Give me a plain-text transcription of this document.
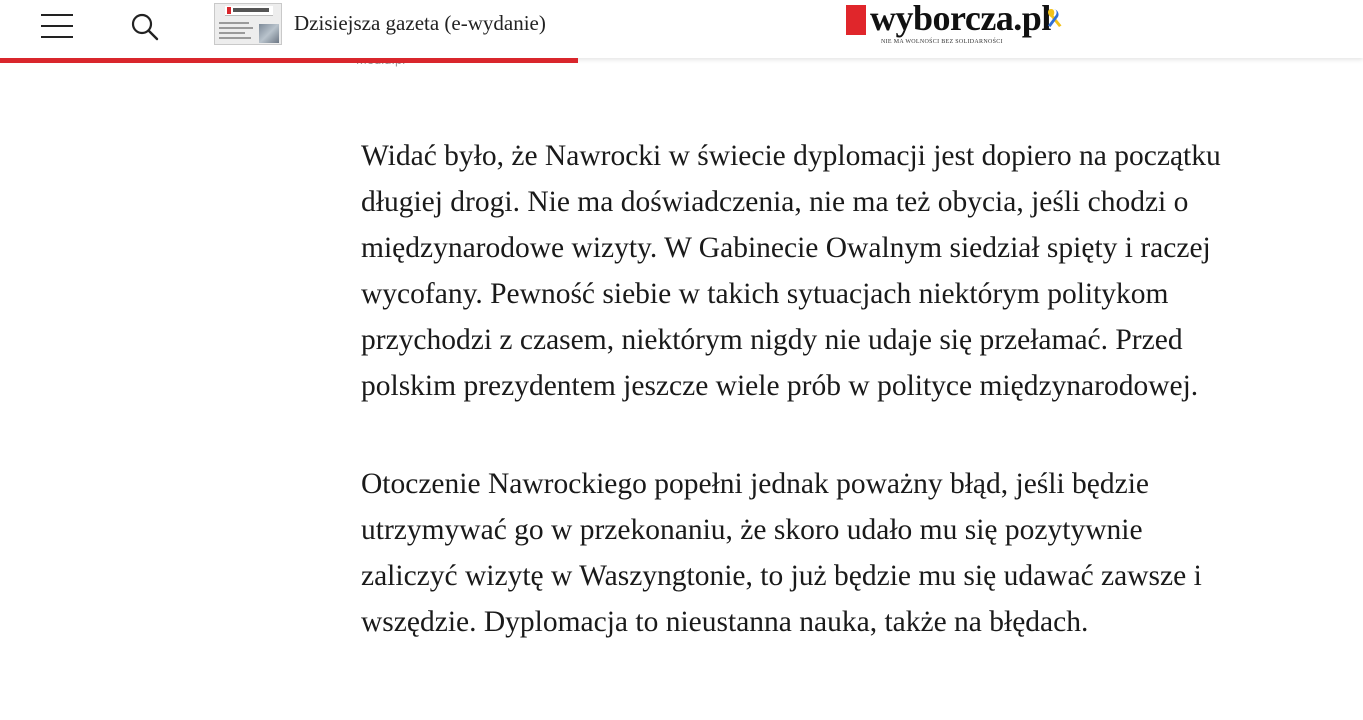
Dzisiejsza gazeta (e-wydanie)	wyborcza.pl
NIE MA WOLNOŚCI BEZ SOLIDARNOŚCI

Widać było, że Nawrocki w świecie dyplomacji jest dopiero na początku długiej drogi. Nie ma doświadczenia, nie ma też obycia, jeśli chodzi o międzynarodowe wizyty. W Gabinecie Owalnym siedział spięty i raczej wycofany. Pewność siebie w takich sytuacjach niektórym politykom przychodzi z czasem, niektórym nigdy nie udaje się przełamać. Przed polskim prezydentem jeszcze wiele prób w polityce międzynarodowej.

Otoczenie Nawrockiego popełni jednak poważny błąd, jeśli będzie utrzymywać go w przekonaniu, że skoro udało mu się pozytywnie zaliczyć wizytę w Waszyngtonie, to już będzie mu się udawać zawsze i wszędzie. Dyplomacja to nieustanna nauka, także na błędach.
